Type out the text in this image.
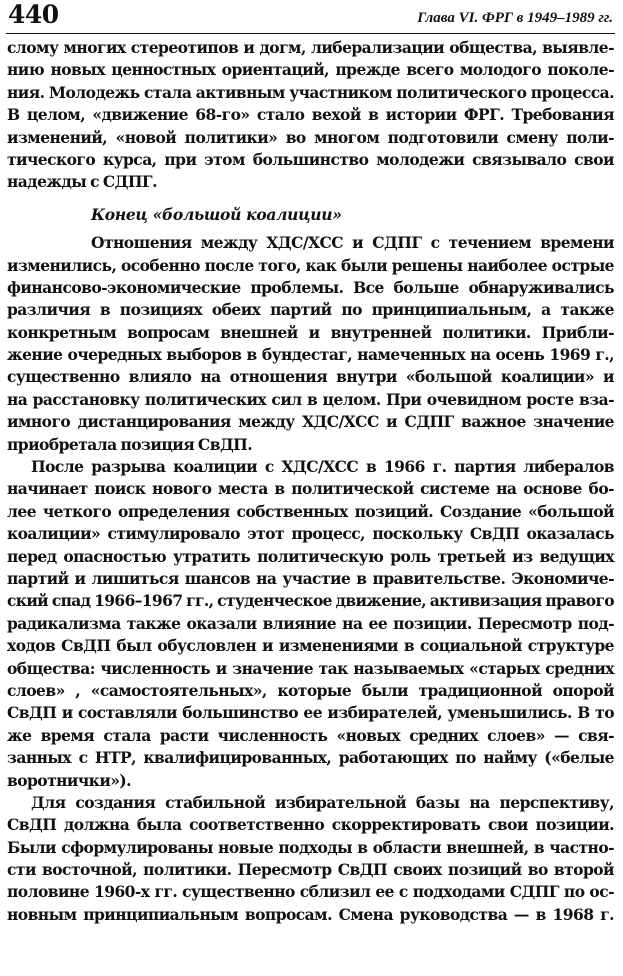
440	Глава VI. ФРГ в 1949–1989 гг.
слому многих стереотипов и догм, либерализации общества, выявле-
нию новых ценностных ориентаций, прежде всего молодого поколе-
ния. Молодежь стала активным участником политического процесса.
В целом, «движение 68-го» стало вехой в истории ФРГ. Требования
изменений, «новой политики» во многом подготовили смену поли-
тического курса, при этом большинство молодежи связывало свои
надежды с СДПГ.
Конец «большой коалиции»
Отношения между ХДС/ХСС и СДПГ с течением времени
изменились, особенно после того, как были решены наиболее острые
финансово-экономические проблемы. Все больше обнаруживались
различия в позициях обеих партий по принципиальным, а также
конкретным вопросам внешней и внутренней политики. Прибли-
жение очередных выборов в бундестаг, намеченных на осень 1969 г.,
существенно влияло на отношения внутри «большой коалиции» и
на расстановку политических сил в целом. При очевидном росте вза-
имного дистанцирования между ХДС/ХСС и СДПГ важное значение
приобретала позиция СвДП.
После разрыва коалиции с ХДС/ХСС в 1966 г. партия либералов
начинает поиск нового места в политической системе на основе бо-
лее четкого определения собственных позиций. Создание «большой
коалиции» стимулировало этот процесс, поскольку СвДП оказалась
перед опасностью утратить политическую роль третьей из ведущих
партий и лишиться шансов на участие в правительстве. Экономиче-
ский спад 1966–1967 гг., студенческое движение, активизация правого
радикализма также оказали влияние на ее позиции. Пересмотр под-
ходов СвДП был обусловлен и изменениями в социальной структуре
общества: численность и значение так называемых «старых средних
слоев» , «самостоятельных», которые были традиционной опорой
СвДП и составляли большинство ее избирателей, уменьшились. В то
же время стала расти численность «новых средних слоев» — свя-
занных с НТР, квалифицированных, работающих по найму («белые
воротнички»).
Для создания стабильной избирательной базы на перспективу,
СвДП должна была соответственно скорректировать свои позиции.
Были сформулированы новые подходы в области внешней, в частно-
сти восточной, политики. Пересмотр СвДП своих позиций во второй
половине 1960-х гг. существенно сблизил ее с подходами СДПГ по ос-
новным принципиальным вопросам. Смена руководства — в 1968 г.
